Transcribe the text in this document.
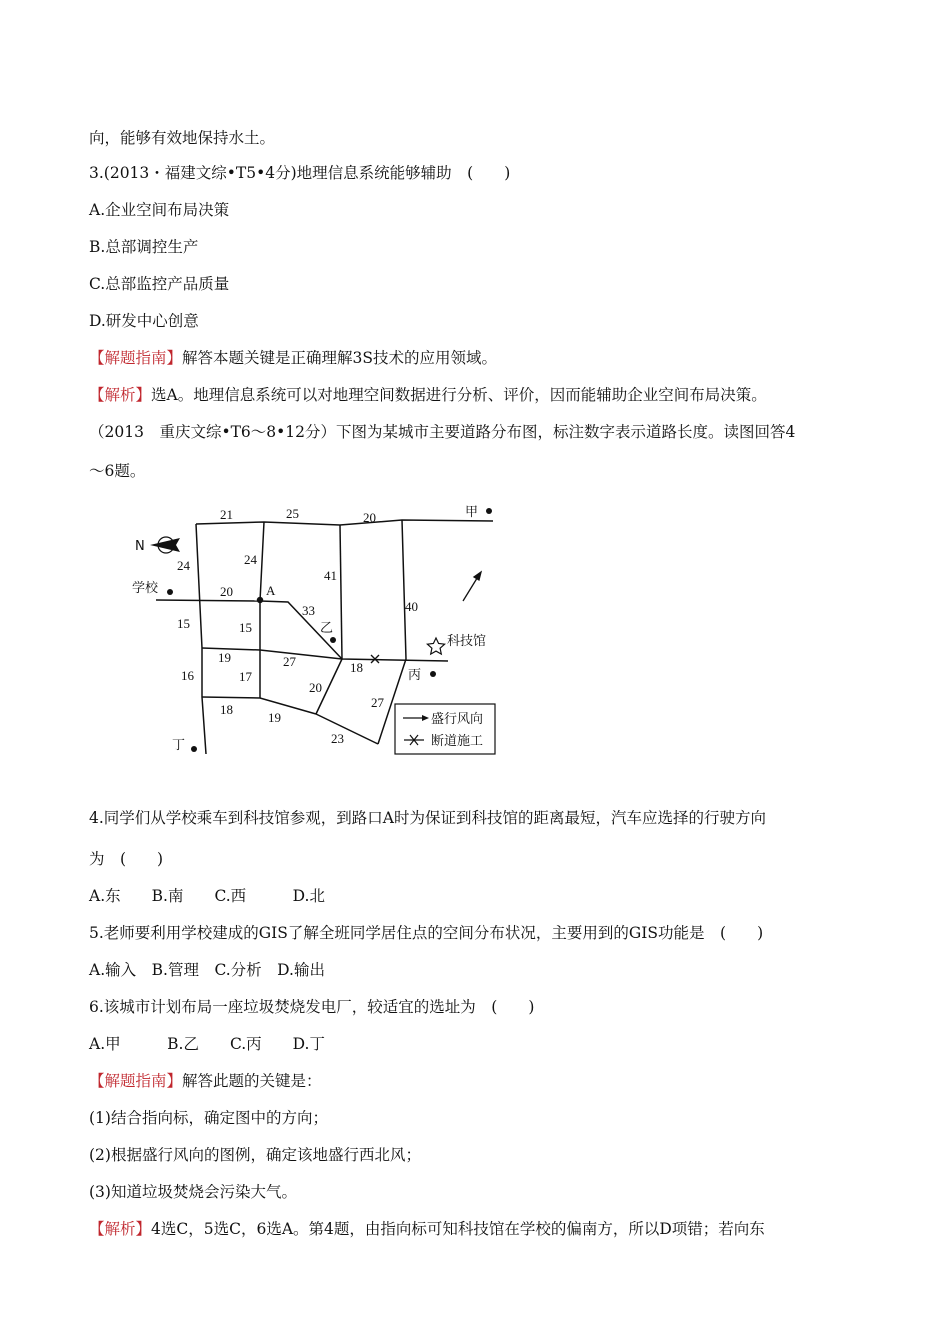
向，能够有效地保持水土。
3.(2013・福建文综•T5•4分)地理信息系统能够辅助　(　　)
A.企业空间布局决策
B.总部调控生产
C.总部监控产品质量
D.研发中心创意
【解题指南】解答本题关键是正确理解3S技术的应用领域。
【解析】选A。地理信息系统可以对地理空间数据进行分析、评价，因而能辅助企业空间布局决策。
（2013　重庆文综•T6～8•12分）下图为某城市主要道路分布图，标注数字表示道路长度。读图回答4
～6题。
21	25	20
24	24
41
20
33	40
15	15
19	27	18
16	17
20
27
18
19
23
N
学校	A
甲
乙
丙
丁
科技馆
盛行风向
断道施工
4.同学们从学校乘车到科技馆参观，到路口A时为保证到科技馆的距离最短，汽车应选择的行驶方向
为　(　　)
A.东　　B.南　　C.西　　　D.北
5.老师要利用学校建成的GIS了解全班同学居住点的空间分布状况，主要用到的GIS功能是　(　　)
A.输入　B.管理　C.分析　D.输出
6.该城市计划布局一座垃圾焚烧发电厂，较适宜的选址为　(　　)
A.甲　　　B.乙　　C.丙　　D.丁
【解题指南】解答此题的关键是：
(1)结合指向标，确定图中的方向；
(2)根据盛行风向的图例，确定该地盛行西北风；
(3)知道垃圾焚烧会污染大气。
【解析】4选C，5选C，6选A。第4题，由指向标可知科技馆在学校的偏南方，所以D项错；若向东
